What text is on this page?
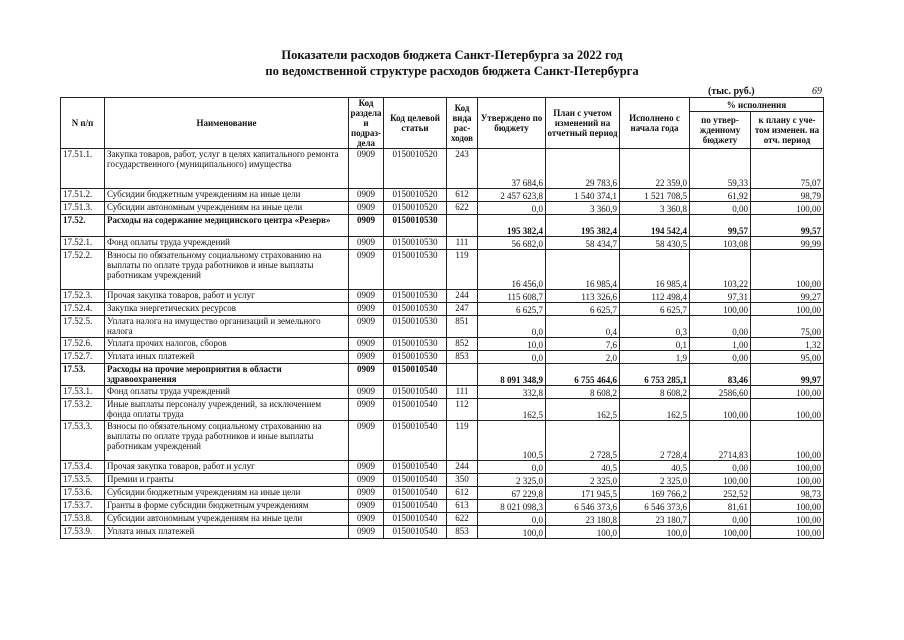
Показатели расходов бюджета Санкт-Петербурга за 2022 год
по ведомственной структуре расходов бюджета Санкт-Петербурга
(тыс. руб.)	69
N п/п	Наименование	Код раздела и подраз-дела	Код целевой статьи	Код вида рас-ходов	Утверждено по бюджету	План с учетом изменений на отчетный период	Исполнено с начала года	% исполнения	
								по утвер-жденному бюджету	к плану с уче-том изменен. на отч. период
17.51.1.	Закупка товаров, работ, услуг в целях капитального ремонта государственного (муниципального) имущества	0909	0150010520	243	37 684,6	29 783,6	22 359,0	59,33	75,07
17.51.2.	Субсидии бюджетным учреждениям на иные цели	0909	0150010520	612	2 457 623,8	1 540 374,1	1 521 708,5	61,92	98,79
17.51.3.	Субсидии автономным учреждениям на иные цели	0909	0150010520	622	0,0	3 360,9	3 360,8	0,00	100,00
17.52.	Расходы на содержание медицинского центра «Резерв»	0909	0150010530		195 382,4	195 382,4	194 542,4	99,57	99,57
17.52.1.	Фонд оплаты труда учреждений	0909	0150010530	111	56 682,0	58 434,7	58 430,5	103,08	99,99
17.52.2.	Взносы по обязательному социальному страхованию на выплаты по оплате труда работников и иные выплаты работникам учреждений	0909	0150010530	119	16 456,0	16 985,4	16 985,4	103,22	100,00
17.52.3.	Прочая закупка товаров, работ и услуг	0909	0150010530	244	115 608,7	113 326,6	112 498,4	97,31	99,27
17.52.4.	Закупка энергетических ресурсов	0909	0150010530	247	6 625,7	6 625,7	6 625,7	100,00	100,00
17.52.5.	Уплата налога на имущество организаций и земельного налога	0909	0150010530	851	0,0	0,4	0,3	0,00	75,00
17.52.6.	Уплата прочих налогов, сборов	0909	0150010530	852	10,0	7,6	0,1	1,00	1,32
17.52.7.	Уплата иных платежей	0909	0150010530	853	0,0	2,0	1,9	0,00	95,00
17.53.	Расходы на прочие мероприятия в области здравоохранения	0909	0150010540		8 091 348,9	6 755 464,6	6 753 285,1	83,46	99,97
17.53.1.	Фонд оплаты труда учреждений	0909	0150010540	111	332,8	8 608,2	8 608,2	2586,60	100,00
17.53.2.	Иные выплаты персоналу учреждений, за исключением фонда оплаты труда	0909	0150010540	112	162,5	162,5	162,5	100,00	100,00
17.53.3.	Взносы по обязательному социальному страхованию на выплаты по оплате труда работников и иные выплаты работникам учреждений	0909	0150010540	119	100,5	2 728,5	2 728,4	2714,83	100,00
17.53.4.	Прочая закупка товаров, работ и услуг	0909	0150010540	244	0,0	40,5	40,5	0,00	100,00
17.53.5.	Премии и гранты	0909	0150010540	350	2 325,0	2 325,0	2 325,0	100,00	100,00
17.53.6.	Субсидии бюджетным учреждениям на иные цели	0909	0150010540	612	67 229,8	171 945,5	169 766,2	252,52	98,73
17.53.7.	Гранты в форме субсидии бюджетным учреждениям	0909	0150010540	613	8 021 098,3	6 546 373,6	6 546 373,6	81,61	100,00
17.53.8.	Субсидии автономным учреждениям на иные цели	0909	0150010540	622	0,0	23 180,8	23 180,7	0,00	100,00
17.53.9.	Уплата иных платежей	0909	0150010540	853	100,0	100,0	100,0	100,00	100,00
